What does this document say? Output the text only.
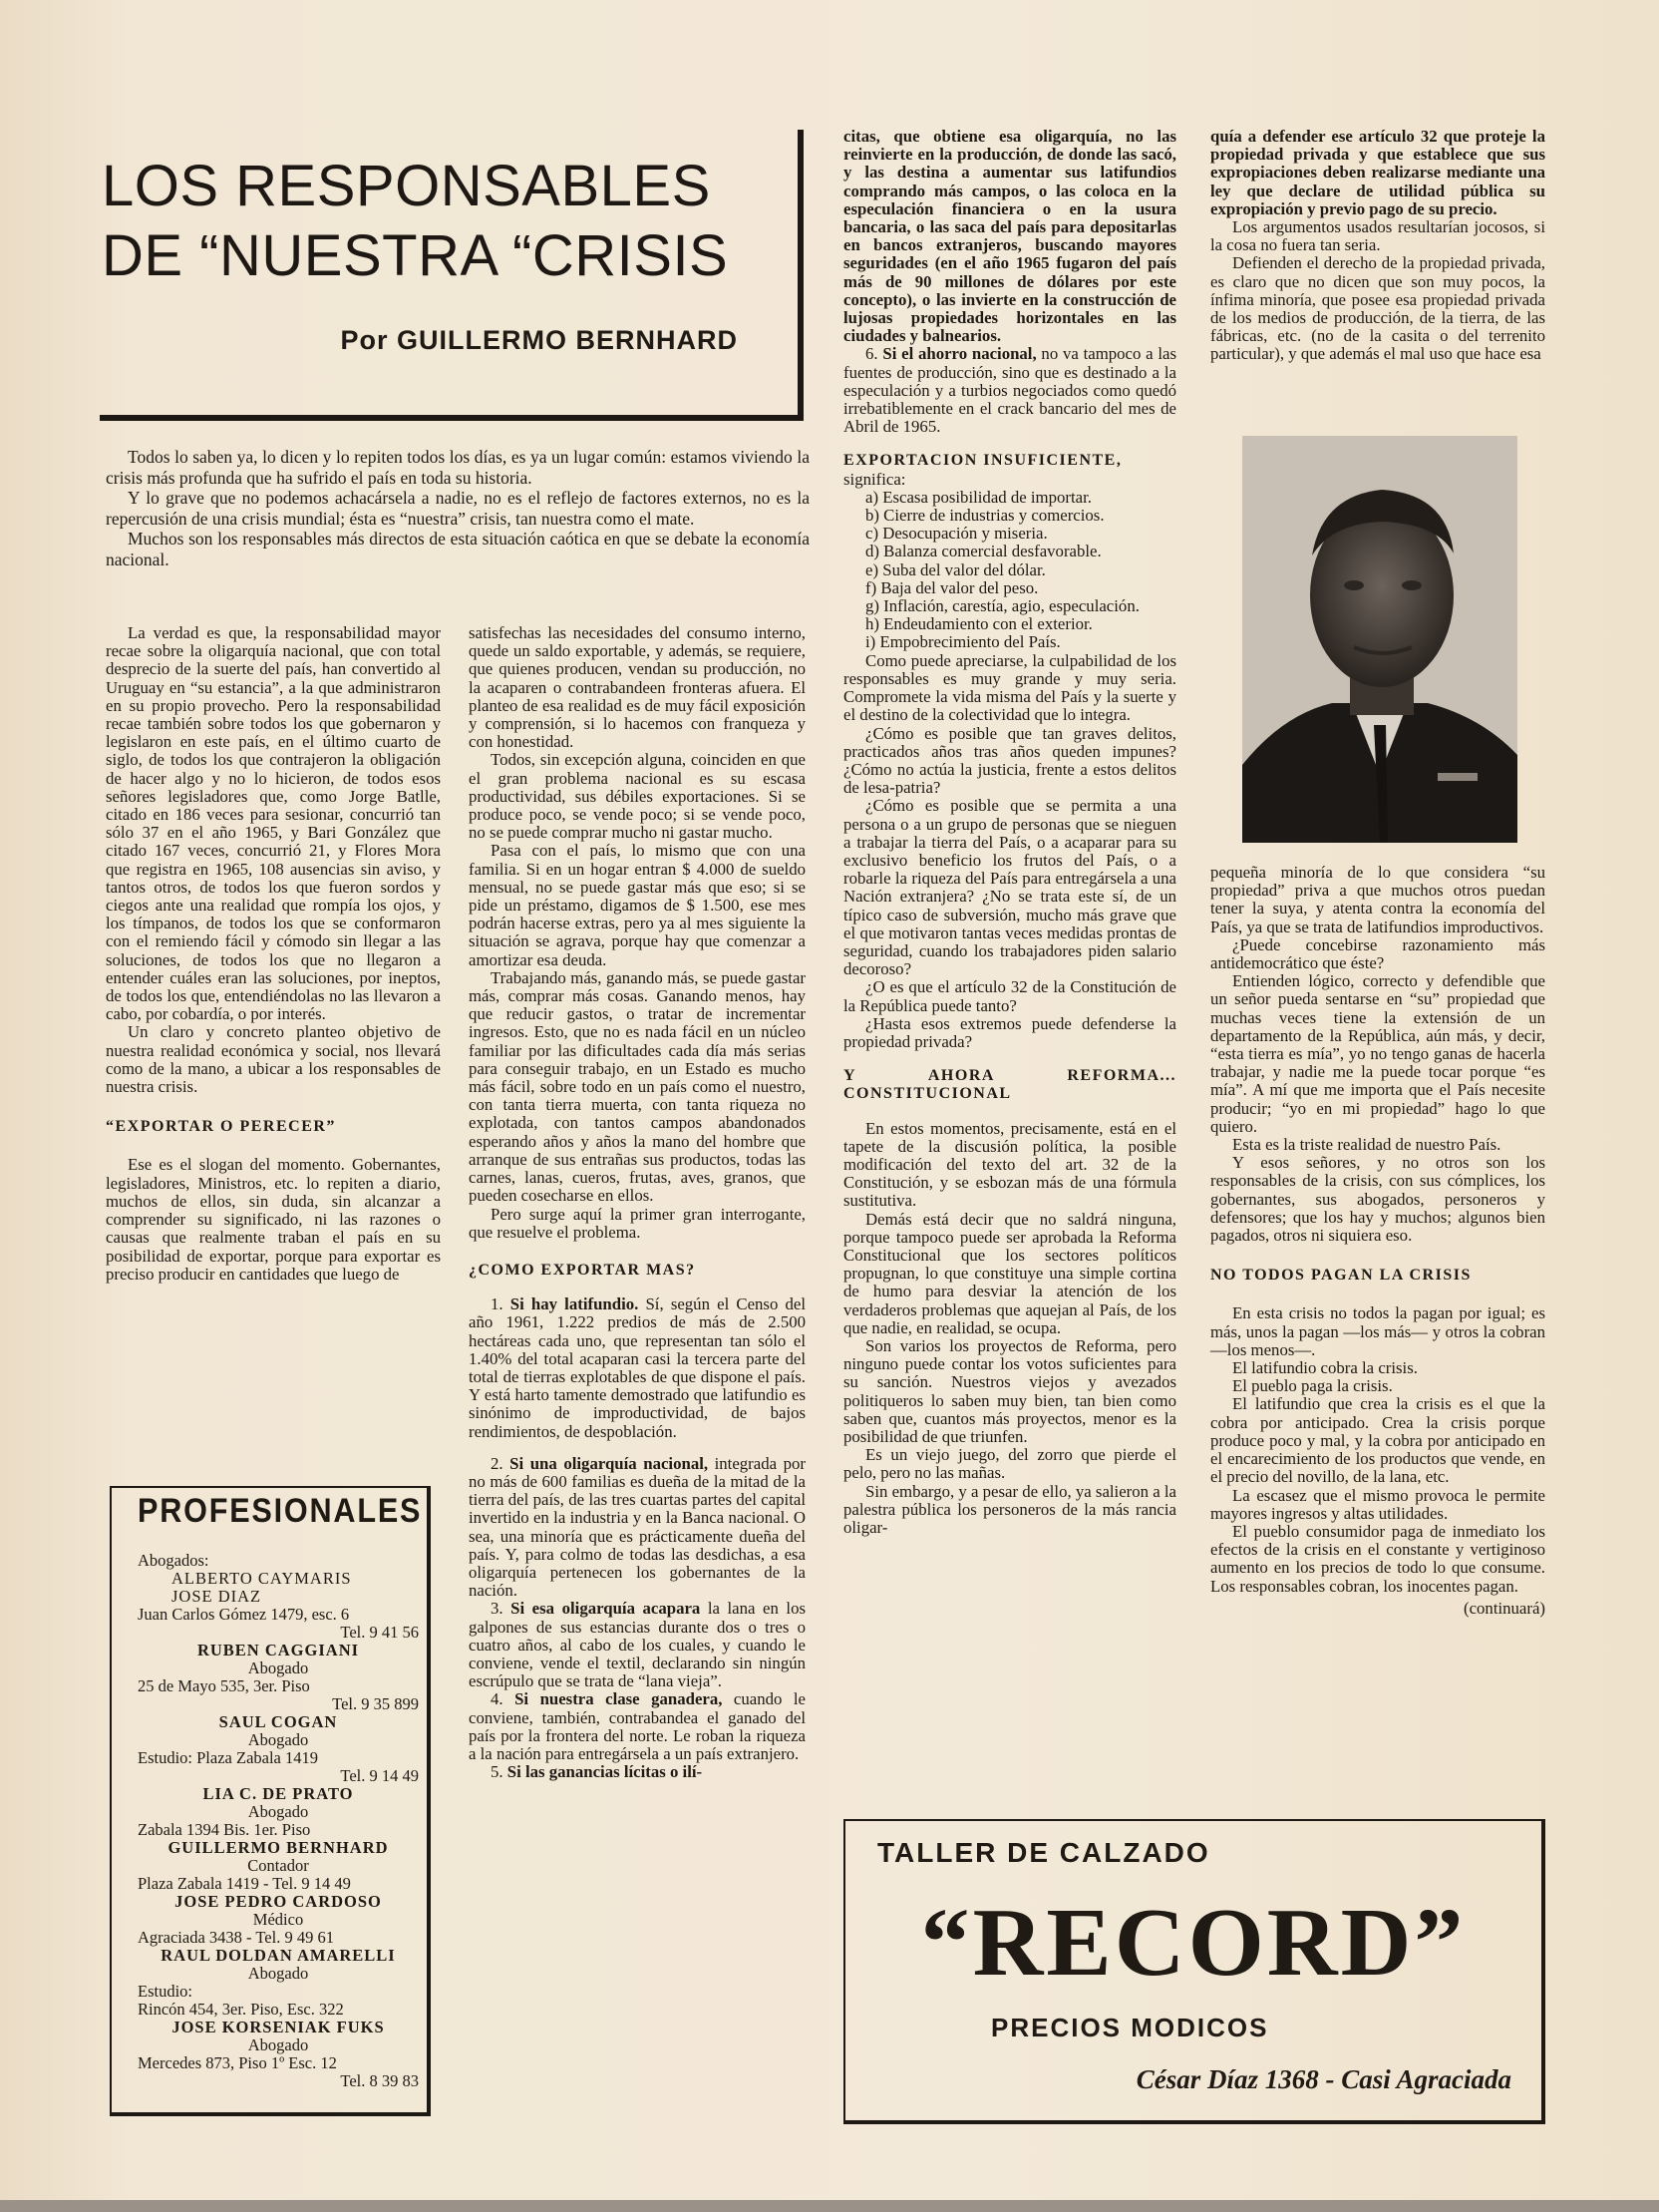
LOS RESPONSABLES
DE “NUESTRA “CRISIS
Por GUILLERMO BERNHARD

Todos lo saben ya, lo dicen y lo repiten todos los días, es ya un lugar común: estamos viviendo la crisis más profunda que ha sufrido el país en toda su historia.

Y lo grave que no podemos achacársela a nadie, no es el reflejo de factores externos, no es la repercusión de una crisis mundial; ésta es “nuestra” crisis, tan nuestra como el mate.

Muchos son los responsables más directos de esta situación caótica en que se debate la economía nacional.

La verdad es que, la responsabilidad mayor recae sobre la oligarquía nacional, que con total desprecio de la suerte del país, han convertido al Uruguay en “su estancia”, a la que administraron en su propio provecho. Pero la responsabilidad recae también sobre todos los que gobernaron y legislaron en este país, en el último cuarto de siglo, de todos los que contrajeron la obligación de hacer algo y no lo hicieron, de todos esos señores legisladores que, como Jorge Batlle, citado en 186 veces para sesionar, concurrió tan sólo 37 en el año 1965, y Bari González que citado 167 veces, concurrió 21, y Flores Mora que registra en 1965, 108 ausencias sin aviso, y tantos otros, de todos los que fueron sordos y ciegos ante una realidad que rompía los ojos, y los tímpanos, de todos los que se conformaron con el remiendo fácil y cómodo sin llegar a las soluciones, de todos los que no llegaron a entender cuáles eran las soluciones, por ineptos, de todos los que, entendiéndolas no las llevaron a cabo, por cobardía, o por interés.

Un claro y concreto planteo objetivo de nuestra realidad económica y social, nos llevará como de la mano, a ubicar a los responsables de nuestra crisis.

“EXPORTAR O PERECER”

Ese es el slogan del momento. Gobernantes, legisladores, Ministros, etc. lo repiten a diario, muchos de ellos, sin duda, sin alcanzar a comprender su significado, ni las razones o causas que realmente traban el país en su posibilidad de exportar, porque para exportar es preciso producir en cantidades que luego de

satisfechas las necesidades del consumo interno, quede un saldo exportable, y además, se requiere, que quienes producen, vendan su producción, no la acaparen o contrabandeen fronteras afuera. El planteo de esa realidad es de muy fácil exposición y comprensión, si lo hacemos con franqueza y con honestidad.

Todos, sin excepción alguna, coinciden en que el gran problema nacional es su escasa productividad, sus débiles exportaciones. Si se produce poco, se vende poco; si se vende poco, no se puede comprar mucho ni gastar mucho.

Pasa con el país, lo mismo que con una familia. Si en un hogar entran $ 4.000 de sueldo mensual, no se puede gastar más que eso; si se pide un préstamo, digamos de $ 1.500, ese mes podrán hacerse extras, pero ya al mes siguiente la situación se agrava, porque hay que comenzar a amortizar esa deuda.

Trabajando más, ganando más, se puede gastar más, comprar más cosas. Ganando menos, hay que reducir gastos, o tratar de incrementar ingresos. Esto, que no es nada fácil en un núcleo familiar por las dificultades cada día más serias para conseguir trabajo, en un Estado es mucho más fácil, sobre todo en un país como el nuestro, con tanta tierra muerta, con tanta riqueza no explotada, con tantos campos abandonados esperando años y años la mano del hombre que arranque de sus entrañas sus productos, todas las carnes, lanas, cueros, frutas, aves, granos, que pueden cosecharse en ellos.

Pero surge aquí la primer gran interrogante, que resuelve el problema.

¿COMO EXPORTAR MAS?

1. Si hay latifundio. Sí, según el Censo del año 1961, 1.222 predios de más de 2.500 hectáreas cada uno, que representan tan sólo el 1.40% del total acaparan casi la tercera parte del total de tierras explotables de que dispone el país. Y está harto tamente demostrado que latifundio es sinónimo de improductividad, de bajos rendimientos, de despoblación.

2. Si una oligarquía nacional, integrada por no más de 600 familias es dueña de la mitad de la tierra del país, de las tres cuartas partes del capital invertido en la industria y en la Banca nacional. O sea, una minoría que es prácticamente dueña del país. Y, para colmo de todas las desdichas, a esa oligarquía pertenecen los gobernantes de la nación.

3. Si esa oligarquía acapara la lana en los galpones de sus estancias durante dos o tres o cuatro años, al cabo de los cuales, y cuando le conviene, vende el textil, declarando sin ningún escrúpulo que se trata de “lana vieja”.

4. Si nuestra clase ganadera, cuando le conviene, también, contrabandea el ganado del país por la frontera del norte. Le roban la riqueza a la nación para entregársela a un país extranjero.

5. Si las ganancias lícitas o ilí-

citas, que obtiene esa oligarquía, no las reinvierte en la producción, de donde las sacó, y las destina a aumentar sus latifundios comprando más campos, o las coloca en la especulación financiera o en la usura bancaria, o las saca del país para depositarlas en bancos extranjeros, buscando mayores seguridades (en el año 1965 fugaron del país más de 90 millones de dólares por este concepto), o las invierte en la construcción de lujosas propiedades horizontales en las ciudades y balnearios.

6. Si el ahorro nacional, no va tampoco a las fuentes de producción, sino que es destinado a la especulación y a turbios negociados como quedó irrebatiblemente en el crack bancario del mes de Abril de 1965.

EXPORTACION INSUFICIENTE,

significa:

a) Escasa posibilidad de importar.

b) Cierre de industrias y comercios.

c) Desocupación y miseria.

d) Balanza comercial desfavorable.

e) Suba del valor del dólar.

f) Baja del valor del peso.

g) Inflación, carestía, agio, especulación.

h) Endeudamiento con el exterior.

i) Empobrecimiento del País.

Como puede apreciarse, la culpabilidad de los responsables es muy grande y muy seria. Compromete la vida misma del País y la suerte y el destino de la colectividad que lo integra.

¿Cómo es posible que tan graves delitos, practicados años tras años queden impunes? ¿Cómo no actúa la justicia, frente a estos delitos de lesa-patria?

¿Cómo es posible que se permita a una persona o a un grupo de personas que se nieguen a trabajar la tierra del País, o a acaparar para su exclusivo beneficio los frutos del País, o a robarle la riqueza del País para entregársela a una Nación extranjera? ¿No se trata este sí, de un típico caso de subversión, mucho más grave que el que motivaron tantas veces medidas prontas de seguridad, cuando los trabajadores piden salario decoroso?

¿O es que el artículo 32 de la Constitución de la República puede tanto?

¿Hasta esos extremos puede defenderse la propiedad privada?

Y AHORA REFORMA... CONSTITUCIONAL

En estos momentos, precisamente, está en el tapete de la discusión política, la posible modificación del texto del art. 32 de la Constitución, y se esbozan más de una fórmula sustitutiva.

Demás está decir que no saldrá ninguna, porque tampoco puede ser aprobada la Reforma Constitucional que los sectores políticos propugnan, lo que constituye una simple cortina de humo para desviar la atención de los verdaderos problemas que aquejan al País, de los que nadie, en realidad, se ocupa.

Son varios los proyectos de Reforma, pero ninguno puede contar los votos suficientes para su sanción. Nuestros viejos y avezados politiqueros lo saben muy bien, tan bien como saben que, cuantos más proyectos, menor es la posibilidad de que triunfen.

Es un viejo juego, del zorro que pierde el pelo, pero no las mañas.

Sin embargo, y a pesar de ello, ya salieron a la palestra pública los personeros de la más rancia oligar-

quía a defender ese artículo 32 que proteje la propiedad privada y que establece que sus expropiaciones deben realizarse mediante una ley que declare de utilidad pública su expropiación y previo pago de su precio.

Los argumentos usados resultarían jocosos, si la cosa no fuera tan seria.

Defienden el derecho de la propiedad privada, es claro que no dicen que son muy pocos, la ínfima minoría, que posee esa propiedad privada de los medios de producción, de la tierra, de las fábricas, etc. (no de la casita o del terrenito particular), y que además el mal uso que hace esa

pequeña minoría de lo que considera “su propiedad” priva a que muchos otros puedan tener la suya, y atenta contra la economía del País, ya que se trata de latifundios improductivos.

¿Puede concebirse razonamiento más antidemocrático que éste?

Entienden lógico, correcto y defendible que un señor pueda sentarse en “su” propiedad que muchas veces tiene la extensión de un departamento de la República, aún más, y decir, “esta tierra es mía”, yo no tengo ganas de hacerla trabajar, y nadie me la puede tocar porque “es mía”. A mí que me importa que el País necesite producir; “yo en mi propiedad” hago lo que quiero.

Esta es la triste realidad de nuestro País.

Y esos señores, y no otros son los responsables de la crisis, con sus cómplices, los gobernantes, sus abogados, personeros y defensores; que los hay y muchos; algunos bien pagados, otros ni siquiera eso.

NO TODOS PAGAN LA CRISIS

En esta crisis no todos la pagan por igual; es más, unos la pagan —los más— y otros la cobran —los menos—.

El latifundio cobra la crisis.

El pueblo paga la crisis.

El latifundio que crea la crisis es el que la cobra por anticipado. Crea la crisis porque produce poco y mal, y la cobra por anticipado en el encarecimiento de los productos que vende, en el precio del novillo, de la lana, etc.

La escasez que el mismo provoca le permite mayores ingresos y altas utilidades.

El pueblo consumidor paga de inmediato los efectos de la crisis en el constante y vertiginoso aumento en los precios de todo lo que consume. Los responsables cobran, los inocentes pagan.

(continuará)

PROFESIONALES
Abogados:
ALBERTO CAYMARIS
JOSE DIAZ
Juan Carlos Gómez 1479, esc. 6
Tel. 9 41 56
RUBEN CAGGIANI
Abogado
25 de Mayo 535, 3er. Piso
Tel. 9 35 899
SAUL COGAN
Abogado
Estudio: Plaza Zabala 1419
Tel. 9 14 49
LIA C. DE PRATO
Abogado
Zabala 1394 Bis. 1er. Piso
GUILLERMO BERNHARD
Contador
Plaza Zabala 1419 - Tel. 9 14 49
JOSE PEDRO CARDOSO
Médico
Agraciada 3438 - Tel. 9 49 61
RAUL DOLDAN AMARELLI
Abogado
Estudio:
Rincón 454, 3er. Piso, Esc. 322
JOSE KORSENIAK FUKS
Abogado
Mercedes 873, Piso 1º Esc. 12
Tel. 8 39 83
TALLER DE CALZADO
“RECORD”
PRECIOS MODICOS
César Díaz 1368 - Casi Agraciada
